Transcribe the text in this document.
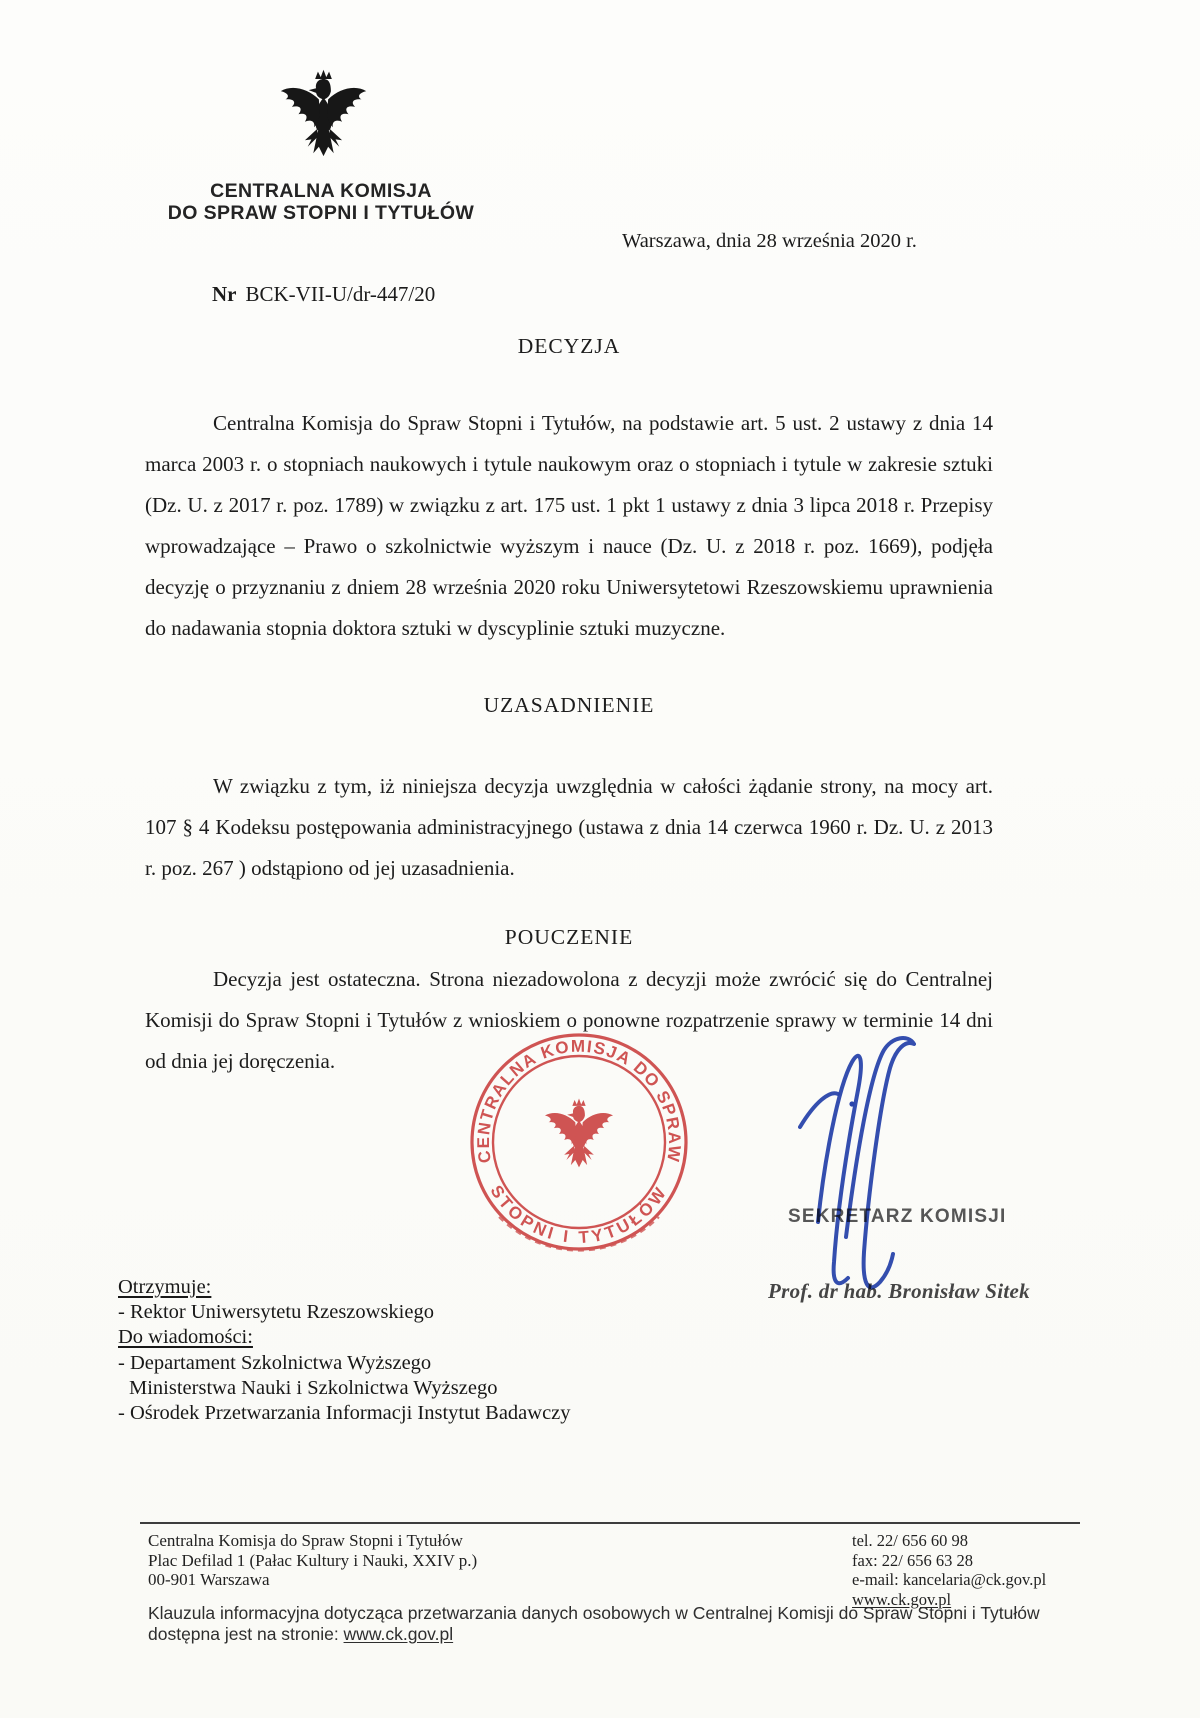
CENTRALNA KOMISJA
DO SPRAW STOPNI I TYTUŁÓW
Warszawa, dnia 28 września 2020 r.
Nr BCK-VII-U/dr-447/20
DECYZJA

Centralna Komisja do Spraw Stopni i Tytułów, na podstawie art. 5 ust. 2 ustawy z dnia 14 marca 2003 r. o stopniach naukowych i tytule naukowym oraz o stopniach i tytule w zakresie sztuki (Dz. U. z 2017 r. poz. 1789) w związku z art. 175 ust. 1 pkt 1 ustawy z dnia 3 lipca 2018 r. Przepisy wprowadzające – Prawo o szkolnictwie wyższym i nauce (Dz. U. z 2018 r. poz. 1669), podjęła decyzję o przyznaniu z dniem 28 września 2020 roku Uniwersytetowi Rzeszowskiemu uprawnienia do nadawania stopnia doktora sztuki w dyscyplinie sztuki muzyczne.

UZASADNIENIE

W związku z tym, iż niniejsza decyzja uwzględnia w całości żądanie strony, na mocy art. 107 § 4 Kodeksu postępowania administracyjnego (ustawa z dnia 14 czerwca 1960 r. Dz. U. z 2013 r. poz. 267 ) odstąpiono od jej uzasadnienia.

POUCZENIE

Decyzja jest ostateczna. Strona niezadowolona z decyzji może zwrócić się do Centralnej Komisji do Spraw Stopni i Tytułów z wnioskiem o ponowne rozpatrzenie sprawy w terminie 14 dni od dnia jej doręczenia.

Otrzymuje:
- Rektor Uniwersytetu Rzeszowskiego
Do wiadomości:
- Departament Szkolnictwa Wyższego
Ministerstwa Nauki i Szkolnictwa Wyższego
- Ośrodek Przetwarzania Informacji Instytut Badawczy
SEKRETARZ KOMISJI
Prof. dr hab. Bronisław Sitek
CENTRALNA KOMISJA DO SPRAW
STOPNI I TYTUŁÓW
Centralna Komisja do Spraw Stopni i Tytułów
Plac Defilad 1 (Pałac Kultury i Nauki, XXIV p.)
00-901 Warszawa
tel. 22/ 656 60 98
fax: 22/ 656 63 28
e-mail: kancelaria@ck.gov.pl
www.ck.gov.pl
Klauzula informacyjna dotycząca przetwarzania danych osobowych w Centralnej Komisji do Spraw Stopni i Tytułów dostępna jest na stronie: www.ck.gov.pl
